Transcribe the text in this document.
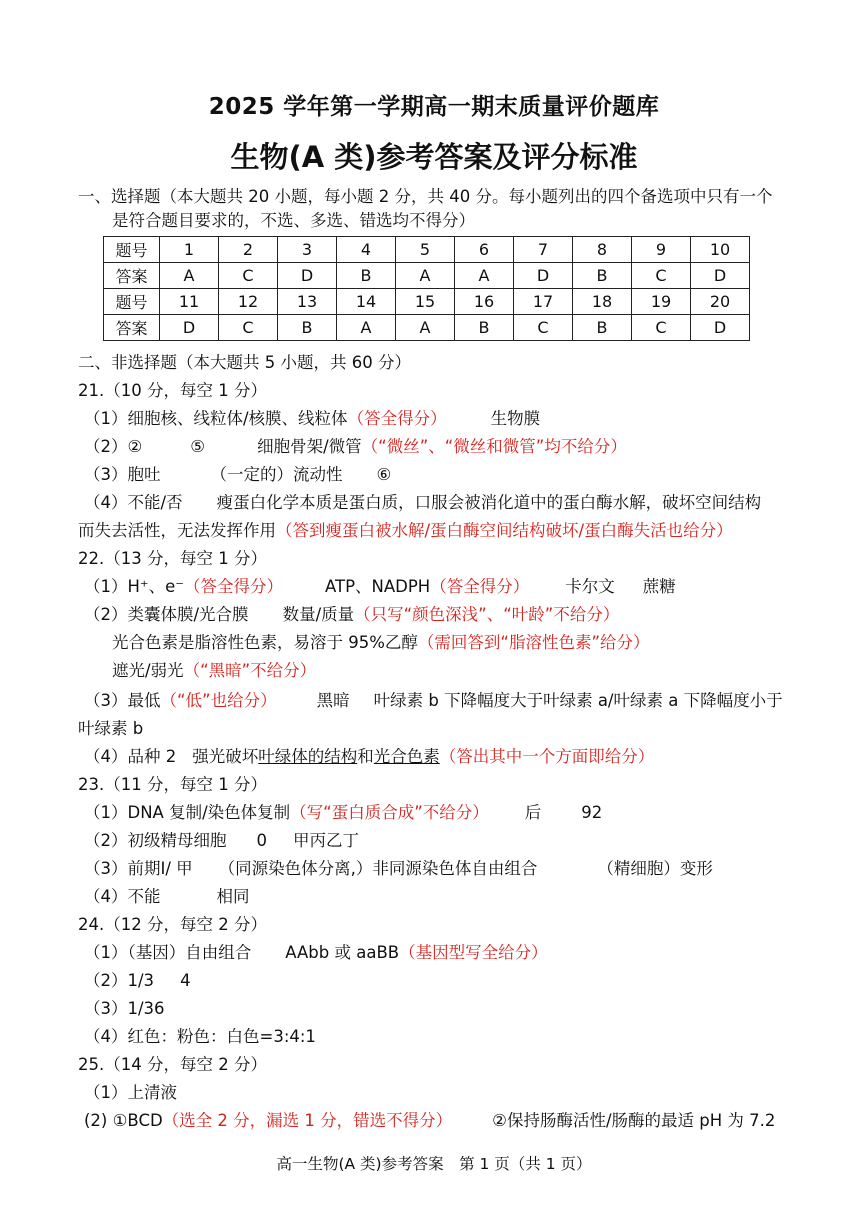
2025 学年第一学期高一期末质量评价题库
生物(A 类)参考答案及评分标准
一、选择题（本大题共 20 小题，每小题 2 分，共 40 分。每小题列出的四个备选项中只有一个
是符合题目要求的，不选、多选、错选均不得分）
题号	1	2	3	4	5	6	7	8	9	10
答案	A	C	D	B	A	A	D	B	C	D
题号	11	12	13	14	15	16	17	18	19	20
答案	D	C	B	A	A	B	C	B	C	D
二、非选择题（本大题共 5 小题，共 60 分）
21.（10 分，每空 1 分）
（1）细胞核、线粒体/核膜、线粒体（答全得分）	生物膜
（2）②	⑤	细胞骨架/微管（“微丝”、“微丝和微管”均不给分）
（3）胞吐	（一定的）流动性 ⑥
（4）不能/否 瘦蛋白化学本质是蛋白质，口服会被消化道中的蛋白酶水解，破坏空间结构
而失去活性，无法发挥作用（答到瘦蛋白被水解/蛋白酶空间结构破坏/蛋白酶失活也给分）
22.（13 分，每空 1 分）
（1）H⁺、e⁻（答全得分）	ATP、NADPH（答全得分） 卡尔文 蔗糖
（2）类囊体膜/光合膜 数量/质量（只写“颜色深浅”、“叶龄”不给分）
光合色素是脂溶性色素，易溶于 95%乙醇（需回答到“脂溶性色素”给分）
遮光/弱光（“黑暗”不给分）
（3）最低（“低”也给分） 黑暗 叶绿素 b 下降幅度大于叶绿素 a/叶绿素 a 下降幅度小于
叶绿素 b
（4）品种 2 强光破坏叶绿体的结构和光合色素（答出其中一个方面即给分）
23.（11 分，每空 1 分）
（1）DNA 复制/染色体复制（写“蛋白质合成”不给分） 后 92
（2）初级精母细胞 0 甲丙乙丁
（3）前期Ⅰ/ 甲 （同源染色体分离,）非同源染色体自由组合	（精细胞）变形
（4）不能	相同
24.（12 分，每空 2 分）
（1）（基因）自由组合 AAbb 或 aaBB（基因型写全给分）
（2）1/3 4
（3）1/36
（4）红色：粉色：白色=3:4:1
25.（14 分，每空 2 分）
（1）上清液
(2) ①BCD（选全 2 分，漏选 1 分，错选不得分） ②保持肠酶活性/肠酶的最适 pH 为 7.2
高一生物(A 类)参考答案　第 1 页（共 1 页）
